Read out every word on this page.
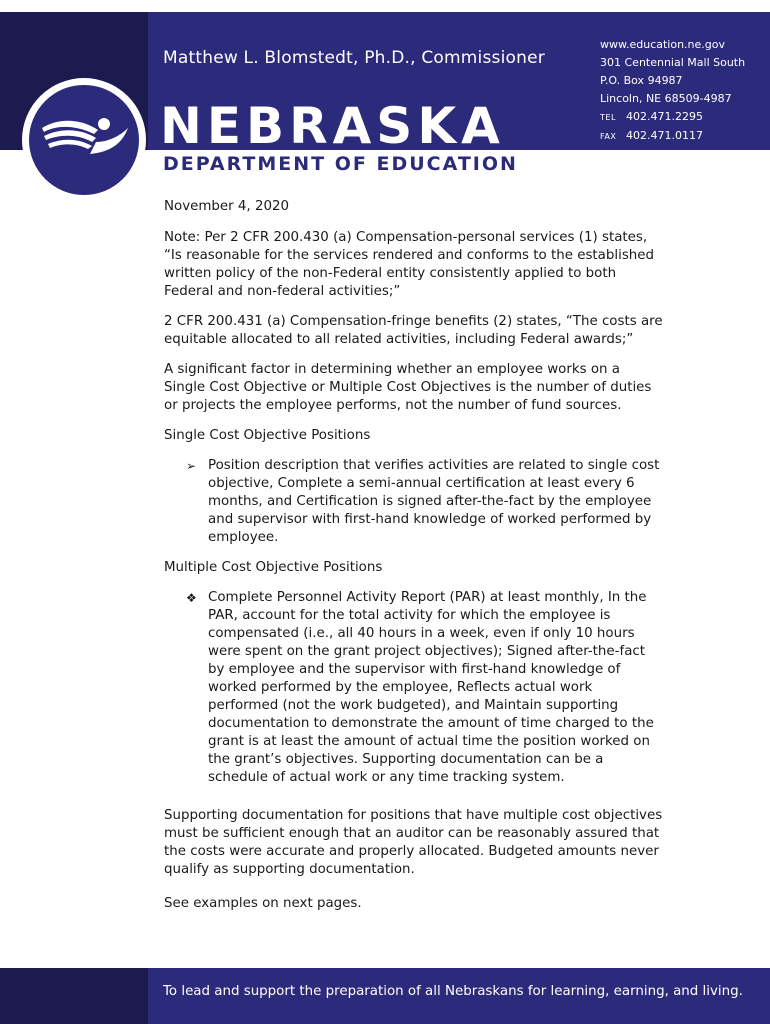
Matthew L. Blomstedt, Ph.D., Commissioner
www.education.ne.gov
301 Centennial Mall South
P.O. Box 94987
Lincoln, NE 68509-4987
TEL 402.471.2295
FAX 402.471.0117
NEBRASKA
DEPARTMENT OF EDUCATION

November 4, 2020

Note: Per 2 CFR 200.430 (a) Compensation-personal services (1) states, “Is reasonable for the services rendered and conforms to the established written policy of the non-Federal entity consistently applied to both Federal and non-federal activities;”

2 CFR 200.431 (a) Compensation-fringe benefits (2) states, “The costs are equitable allocated to all related activities, including Federal awards;”

A significant factor in determining whether an employee works on a Single Cost Objective or Multiple Cost Objectives is the number of duties or projects the employee performs, not the number of fund sources.

Single Cost Objective Positions

➢ Position description that verifies activities are related to single cost objective, Complete a semi-annual certification at least every 6 months, and Certification is signed after-the-fact by the employee and supervisor with first-hand knowledge of worked performed by employee.

Multiple Cost Objective Positions

❖ Complete Personnel Activity Report (PAR) at least monthly, In the PAR, account for the total activity for which the employee is compensated (i.e., all 40 hours in a week, even if only 10 hours were spent on the grant project objectives); Signed after-the-fact by employee and the supervisor with first-hand knowledge of worked performed by the employee, Reflects actual work performed (not the work budgeted), and Maintain supporting documentation to demonstrate the amount of time charged to the grant is at least the amount of actual time the position worked on the grant’s objectives. Supporting documentation can be a schedule of actual work or any time tracking system.

Supporting documentation for positions that have multiple cost objectives must be sufficient enough that an auditor can be reasonably assured that the costs were accurate and properly allocated. Budgeted amounts never qualify as supporting documentation.

See examples on next pages.

To lead and support the preparation of all Nebraskans for learning, earning, and living.
